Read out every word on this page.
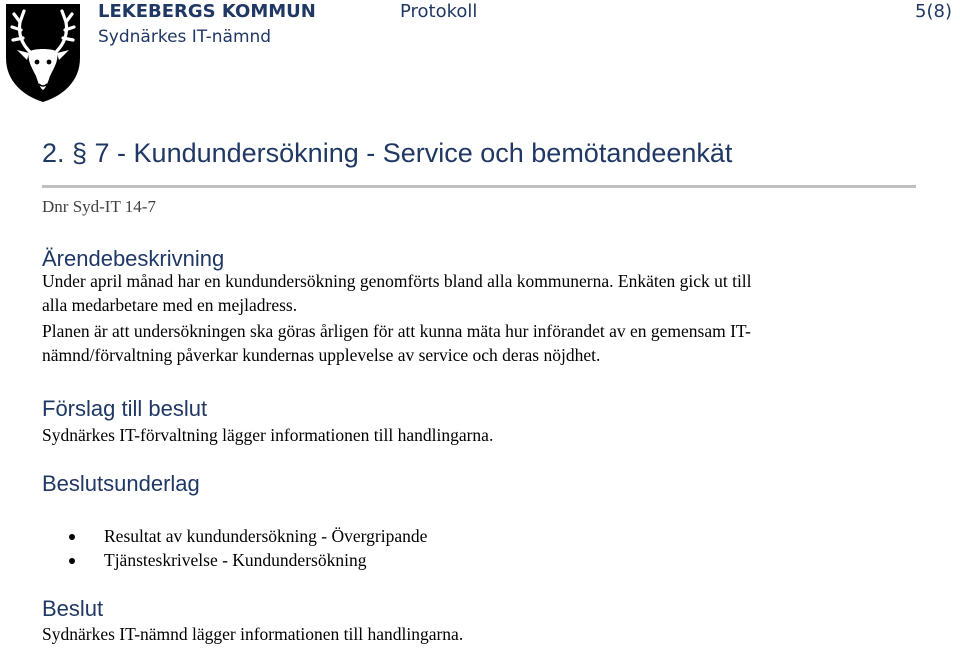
LEKEBERGS KOMMUN
Sydnärkes IT-nämnd
Protokoll	5(8)
2. § 7 - Kundundersökning - Service och bemötandeenkät
Dnr Syd-IT 14-7
Ärendebeskrivning
Under april månad har en kundundersökning genomförts bland alla kommunerna. Enkäten gick ut till
alla medarbetare med en mejladress.
Planen är att undersökningen ska göras årligen för att kunna mäta hur införandet av en gemensam IT-
nämnd/förvaltning påverkar kundernas upplevelse av service och deras nöjdhet.
Förslag till beslut
Sydnärkes IT-förvaltning lägger informationen till handlingarna.
Beslutsunderlag
Resultat av kundundersökning - Övergripande
Tjänsteskrivelse - Kundundersökning
Beslut
Sydnärkes IT-nämnd lägger informationen till handlingarna.
